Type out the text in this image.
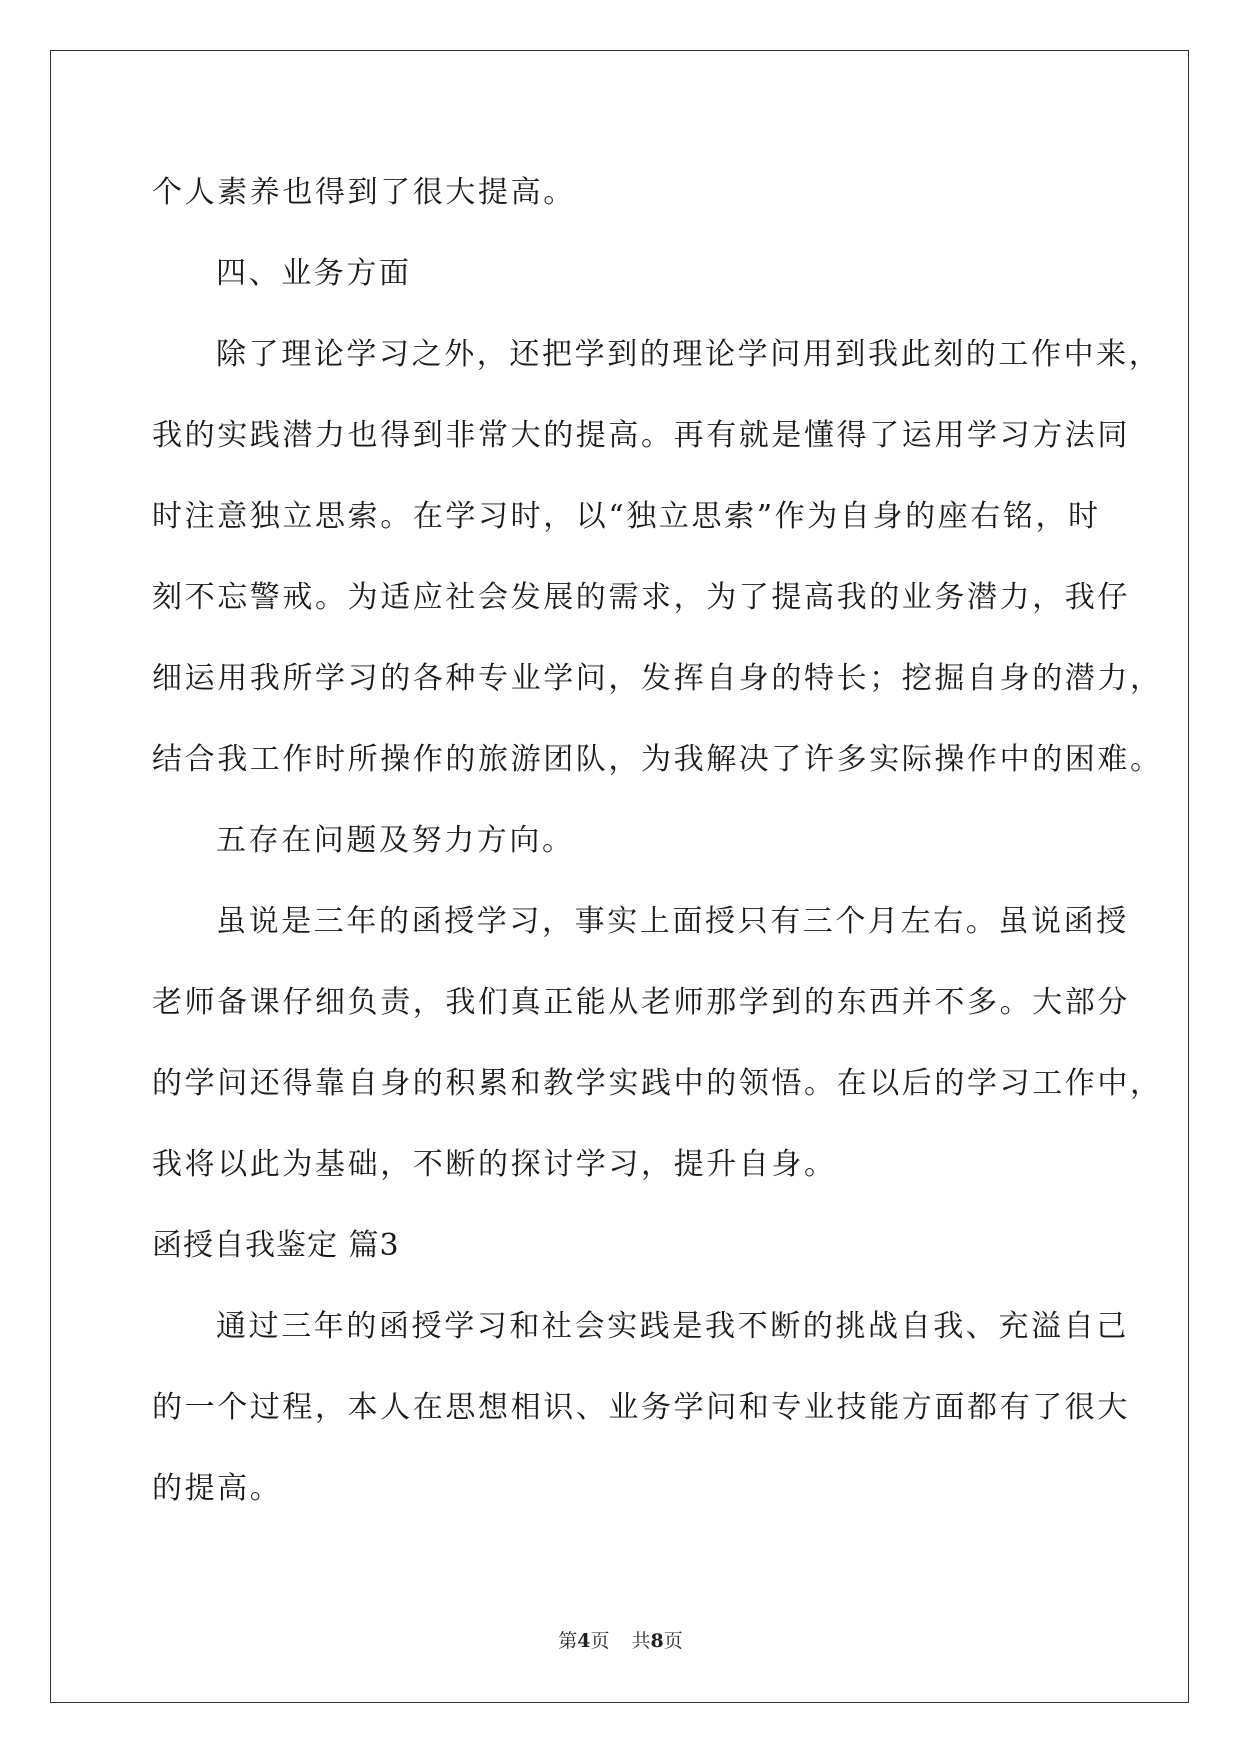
个人素养也得到了很大提高。

四、业务方面

除了理论学习之外，还把学到的理论学问用到我此刻的工作中来，

我的实践潜力也得到非常大的提高。再有就是懂得了运用学习方法同

时注意独立思索。在学习时，以“独立思索”作为自身的座右铭，时

刻不忘警戒。为适应社会发展的需求，为了提高我的业务潜力，我仔

细运用我所学习的各种专业学问，发挥自身的特长；挖掘自身的潜力，

结合我工作时所操作的旅游团队，为我解决了许多实际操作中的困难。

五存在问题及努力方向。

虽说是三年的函授学习，事实上面授只有三个月左右。虽说函授

老师备课仔细负责，我们真正能从老师那学到的东西并不多。大部分

的学问还得靠自身的积累和教学实践中的领悟。在以后的学习工作中，

我将以此为基础，不断的探讨学习，提升自身。

函授自我鉴定 篇3

通过三年的函授学习和社会实践是我不断的挑战自我、充溢自己

的一个过程，本人在思想相识、业务学问和专业技能方面都有了很大

的提高。

第4页 共8页
